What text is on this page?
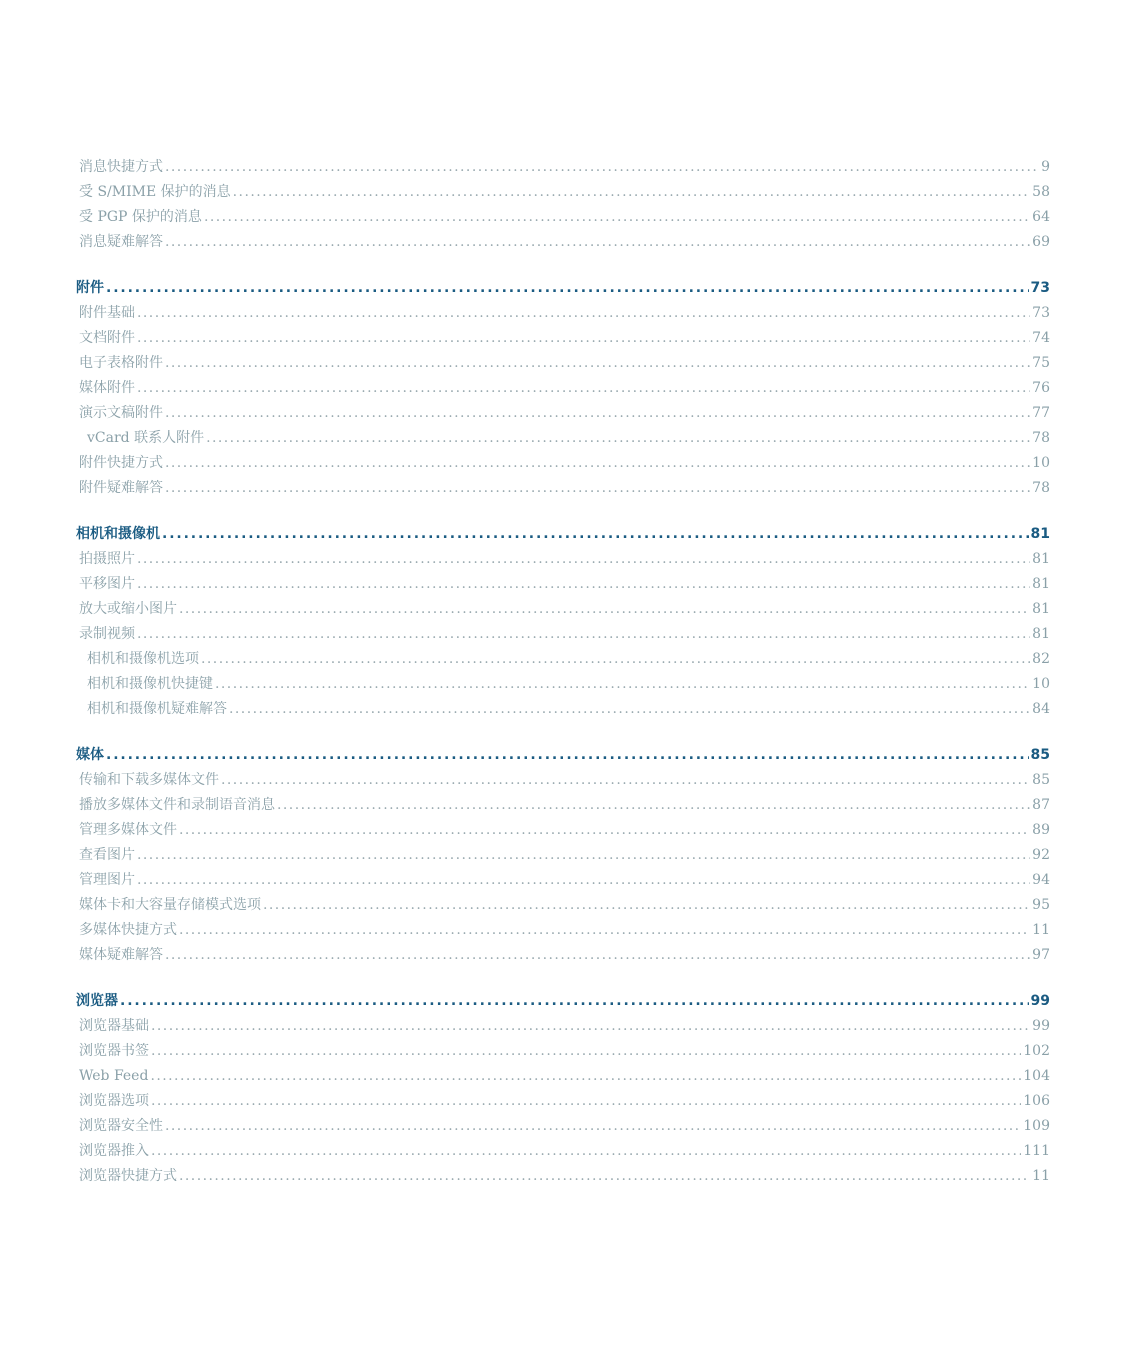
消息快捷方式 . . .	9
受 S/MIME 保护的消息 . . .	58
受 PGP 保护的消息 . . .	64
消息疑难解答 . . .	69
附件 . . .	73
附件基础 . . .	73
文档附件 . . .	74
电子表格附件 . . .	75
媒体附件 . . .	76
演示文稿附件 . . .	77
vCard 联系人附件 . . .	78
附件快捷方式 . . .	10
附件疑难解答 . . .	78
相机和摄像机 . . .	81
拍摄照片 . . .	81
平移图片 . . .	81
放大或缩小图片 . . .	81
录制视频 . . .	81
相机和摄像机选项 . . .	82
相机和摄像机快捷键 . . .	10
相机和摄像机疑难解答 . . .	84
媒体 . . .	85
传输和下载多媒体文件 . . .	85
播放多媒体文件和录制语音消息 . . .	87
管理多媒体文件 . . .	89
查看图片 . . .	92
管理图片 . . .	94
媒体卡和大容量存储模式选项 . . .	95
多媒体快捷方式 . . .	11
媒体疑难解答 . . .	97
浏览器 . . .	99
浏览器基础 . . .	99
浏览器书签 . . .	102
Web Feed . . .	104
浏览器选项 . . .	106
浏览器安全性 . . .	109
浏览器推入 . . .	111
浏览器快捷方式 . . .	11
